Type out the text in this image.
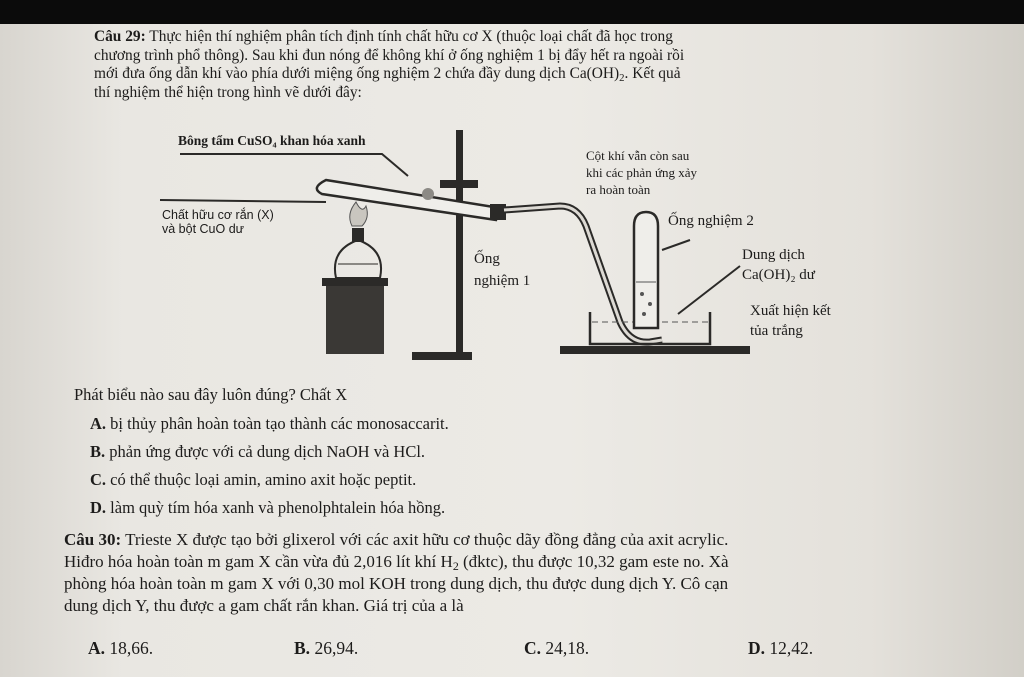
Câu 29: Thực hiện thí nghiệm phân tích định tính chất hữu cơ X (thuộc loại chất đã học trong
chương trình phổ thông). Sau khi đun nóng để không khí ở ống nghiệm 1 bị đẩy hết ra ngoài rồi
mới đưa ống dẫn khí vào phía dưới miệng ống nghiệm 2 chứa đầy dung dịch $Ca(OH)_2$. Kết quả
thí nghiệm thể hiện trong hình vẽ dưới đây:
Bông tẩm CuSO₄ khan hóa xanh
Chất hữu cơ rắn (X)
và bột CuO dư
Ống
nghiệm 1
Cột khí vẫn còn sau
khi các phản ứng xảy
ra hoàn toàn
Ống nghiệm 2
Dung dịch
Ca(OH)₂ dư
Xuất hiện kết
tủa trắng
Phát biểu nào sau đây luôn đúng? Chất X
A. bị thủy phân hoàn toàn tạo thành các monosaccarit.
B. phản ứng được với cả dung dịch NaOH và HCl.
C. có thể thuộc loại amin, amino axit hoặc peptit.
D. làm quỳ tím hóa xanh và phenolphtalein hóa hồng.
Câu 30: Trieste X được tạo bởi glixerol với các axit hữu cơ thuộc dãy đồng đẳng của axit acrylic.
Hiđro hóa hoàn toàn m gam X cần vừa đủ 2,016 lít khí $H_2$ (đktc), thu được 10,32 gam este no. Xà
phòng hóa hoàn toàn m gam X với 0,30 mol KOH trong dung dịch, thu được dung dịch Y. Cô cạn
dung dịch Y, thu được a gam chất rắn khan. Giá trị của a là
A. 18,66.	B. 26,94.	C. 24,18.	D. 12,42.
